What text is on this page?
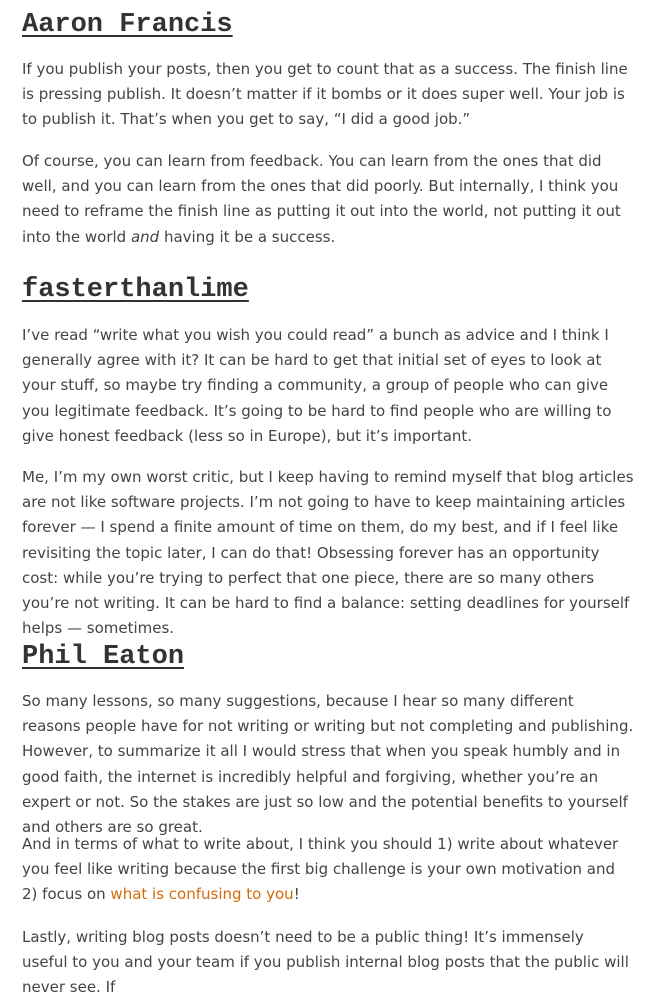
Aaron Francis

If you publish your posts, then you get to count that as a success. The finish line is pressing publish. It doesn’t matter if it bombs or it does super well. Your job is to publish it. That’s when you get to say, “I did a good job.”

Of course, you can learn from feedback. You can learn from the ones that did well, and you can learn from the ones that did poorly. But internally, I think you need to reframe the finish line as putting it out into the world, not putting it out into the world and having it be a success.

fasterthanlime

I’ve read “write what you wish you could read” a bunch as advice and I think I generally agree with it? It can be hard to get that initial set of eyes to look at your stuff, so maybe try finding a community, a group of people who can give you legitimate feedback. It’s going to be hard to find people who are willing to give honest feedback (less so in Europe), but it’s important.

Me, I’m my own worst critic, but I keep having to remind myself that blog articles are not like software projects. I’m not going to have to keep maintaining articles forever — I spend a finite amount of time on them, do my best, and if I feel like revisiting the topic later, I can do that! Obsessing forever has an opportunity cost: while you’re trying to perfect that one piece, there are so many others you’re not writing. It can be hard to find a balance: setting deadlines for yourself helps — sometimes.

Phil Eaton

So many lessons, so many suggestions, because I hear so many different reasons people have for not writing or writing but not completing and publishing. However, to summarize it all I would stress that when you speak humbly and in good faith, the internet is incredibly helpful and forgiving, whether you’re an expert or not. So the stakes are just so low and the potential benefits to yourself and others are so great.

And in terms of what to write about, I think you should 1) write about whatever you feel like writing because the first big challenge is your own motivation and 2) focus on what is confusing to you!

Lastly, writing blog posts doesn’t need to be a public thing! It’s immensely useful to you and your team if you publish internal blog posts that the public will never see. If
